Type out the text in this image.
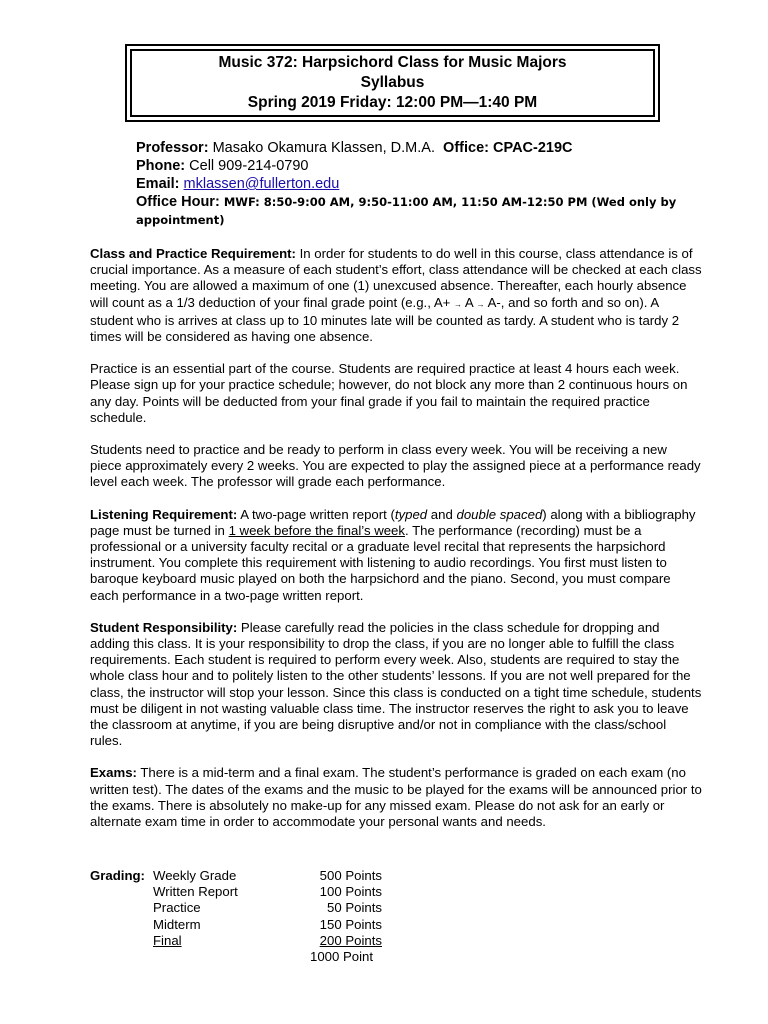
Music 372: Harpsichord Class for Music Majors
Syllabus
Spring 2019 Friday: 12:00 PM—1:40 PM
Professor: Masako Okamura Klassen, D.M.A. Office: CPAC-219C
Phone: Cell 909-214-0790
Email: mklassen@fullerton.edu
Office Hour: MWF: 8:50-9:00 AM, 9:50-11:00 AM, 11:50 AM-12:50 PM (Wed only by appointment)

Class and Practice Requirement: In order for students to do well in this course, class attendance is of crucial importance. As a measure of each student’s effort, class attendance will be checked at each class meeting. You are allowed a maximum of one (1) unexcused absence. Thereafter, each hourly absence will count as a 1/3 deduction of your final grade point (e.g., A+ → A → A-, and so forth and so on). A student who is arrives at class up to 10 minutes late will be counted as tardy. A student who is tardy 2 times will be considered as having one absence.

Practice is an essential part of the course. Students are required practice at least 4 hours each week. Please sign up for your practice schedule; however, do not block any more than 2 continuous hours on any day. Points will be deducted from your final grade if you fail to maintain the required practice schedule.

Students need to practice and be ready to perform in class every week. You will be receiving a new piece approximately every 2 weeks. You are expected to play the assigned piece at a performance ready level each week. The professor will grade each performance.

Listening Requirement: A two-page written report (typed and double spaced) along with a bibliography page must be turned in 1 week before the final’s week. The performance (recording) must be a professional or a university faculty recital or a graduate level recital that represents the harpsichord instrument. You complete this requirement with listening to audio recordings. You first must listen to baroque keyboard music played on both the harpsichord and the piano. Second, you must compare each performance in a two-page written report.

Student Responsibility: Please carefully read the policies in the class schedule for dropping and adding this class. It is your responsibility to drop the class, if you are no longer able to fulfill the class requirements. Each student is required to perform every week. Also, students are required to stay the whole class hour and to politely listen to the other students’ lessons. If you are not well prepared for the class, the instructor will stop your lesson. Since this class is conducted on a tight time schedule, students must be diligent in not wasting valuable class time. The instructor reserves the right to ask you to leave the classroom at anytime, if you are being disruptive and/or not in compliance with the class/school rules.

Exams: There is a mid-term and a final exam. The student’s performance is graded on each exam (no written test). The dates of the exams and the music to be played for the exams will be announced prior to the exams. There is absolutely no make-up for any missed exam. Please do not ask for an early or alternate exam time in order to accommodate your personal wants and needs.

Grading: Weekly Grade	500 Points
Written Report	100 Points
Practice	50 Points
Midterm	150 Points
Final	200 Points
1000 Point
